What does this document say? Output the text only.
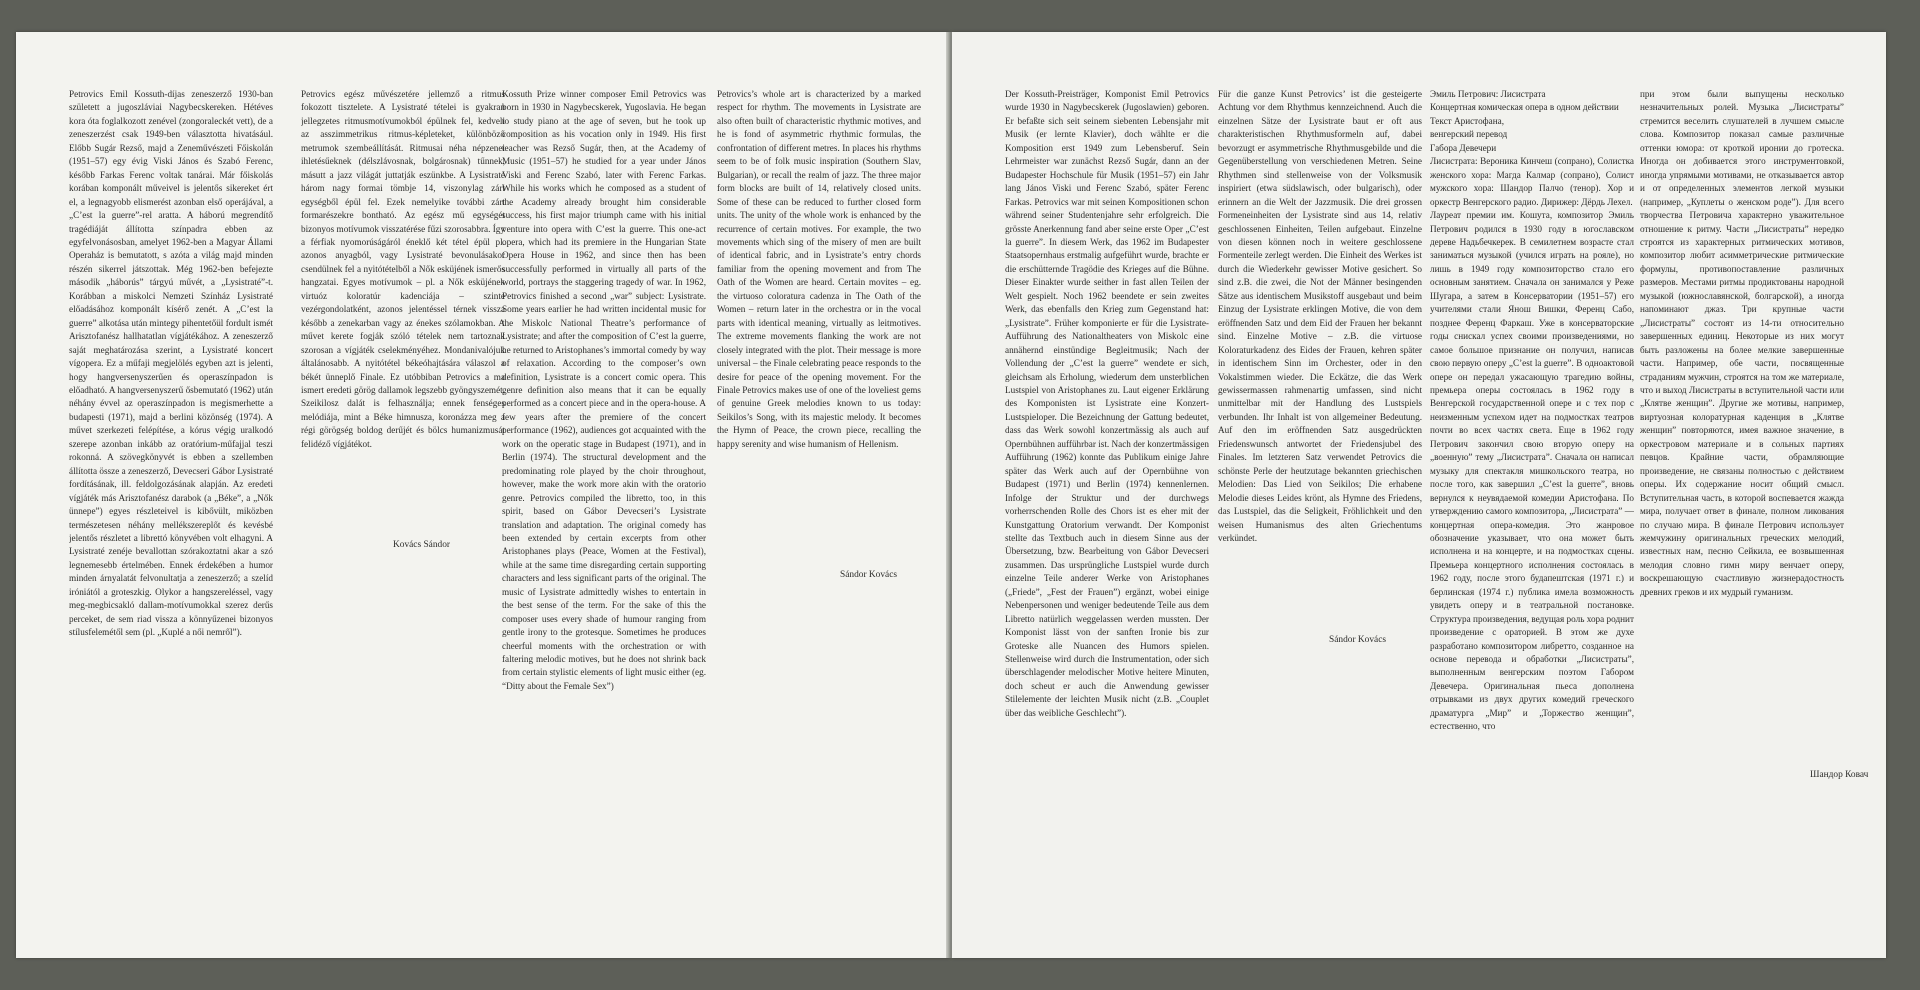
Petrovics Emil Kossuth-díjas zeneszerző 1930-ban született a jugoszláviai Nagybecskereken. Hétéves kora óta foglalkozott zenével (zongoraleckét vett), de a zeneszerzést csak 1949-ben választotta hivatásául. Előbb Sugár Rezső, majd a Zeneművészeti Főiskolán (1951–57) egy évig Viski János és Szabó Ferenc, később Farkas Ferenc voltak tanárai. Már főiskolás korában komponált műveivel is jelentős sikereket ért el, a legnagyobb elismerést azonban első operájával, a „C’est la guerre”-rel aratta. A háború megrendítő tragédiáját állította színpadra ebben az egyfelvonásosban, amelyet 1962-ben a Magyar Állami Operaház is bemutatott, s azóta a világ majd minden részén sikerrel játszottak. Még 1962-ben befejezte második „háborús” tárgyú művét, a „Lysistraté”-t. Korábban a miskolci Nemzeti Színház Lysistraté előadásához komponált kísérő zenét. A „C’est la guerre” alkotása után mintegy pihentetőül fordult ismét Arisztofanész hallhatatlan vígjátékához. A zeneszerző saját meghatározása szerint, a Lysistraté koncert vígopera. Ez a műfaji megjelölés egyben azt is jelenti, hogy hangversenyszerűen és operaszínpadon is előadható. A hangversenyszerű ősbemutató (1962) után néhány évvel az operaszínpadon is megismerhette a budapesti (1971), majd a berlini közönség (1974). A művet szerkezeti felépítése, a kórus végig uralkodó szerepe azonban inkább az oratórium-műfajjal teszi rokonná. A szövegkönyvét is ebben a szellemben állította össze a zeneszerző, Devecseri Gábor Lysistraté fordításának, ill. feldolgozásának alapján. Az eredeti vígjáték más Arisztofanész darabok (a „Béke”, a „Nők ünnepe”) egyes részleteivel is kibővült, miközben természetesen néhány mellékszereplőt és kevésbé jelentős részletet a librettó könyvében volt elhagyni. A Lysistraté zenéje bevallottan szórakoztatni akar a szó legnemesebb értelmében. Ennek érdekében a humor minden árnyalatát felvonultatja a zeneszerző; a szelíd iróniától a groteszkig. Olykor a hangszereléssel, vagy meg-megbicsakló dallam-motívumokkal szerez derűs perceket, de sem riad vissza a könnyűzenei bizonyos stílusfelemétől sem (pl. „Kuplé a női nemről”).

Petrovics egész művészetére jellemző a ritmus fokozott tisztelete. A Lysistraté tételei is gyakran jellegzetes ritmusmotívumokból épülnek fel, kedveli az asszimmetrikus ritmus-képleteket, különböző metrumok szembeállítását. Ritmusai néha népzenei ihletésűeknek (délszlávosnak, bolgárosnak) tűnnek, másutt a jazz világát juttatják eszünkbe. A Lysistraté három nagy formai tömbje 14, viszonylag zárt egységből épül fel. Ezek nemelyike további zárt formarészekre bontható. Az egész mű egységét bizonyos motívumok visszatérése fűzi szorosabbra. Így a férfiak nyomorúságáról éneklő két tétel épül pl. azonos anyagból, vagy Lysistraté bevonulásakor csendülnek fel a nyitótételből a Nők esküjének ismerős hangzatai. Egyes motívumok – pl. a Nők esküjének virtuóz koloratúr kadenciája – szinte vezérgondolatként, azonos jelentéssel térnek vissza később a zenekarban vagy az énekes szólamokban. A művet kerete fogják szóló tételek nem tartoznak szorosan a vígjáték cselekményéhez. Mondanivalójuk általánosabb. A nyitótétel békeóhajtására válaszol a békét ünneplő Finale. Ez utóbbiban Petrovics a ma ismert eredeti görög dallamok legszebb gyöngyszemét, Szeikilosz dalát is felhasználja; ennek fenséges melódiája, mint a Béke himnusza, koronázza meg a régi görögség boldog derűjét és bölcs humanizmusát felidéző vígjátékot.

Kossuth Prize winner composer Emil Petrovics was born in 1930 in Nagybecskerek, Yugoslavia. He began to study piano at the age of seven, but he took up composition as his vocation only in 1949. His first teacher was Rezső Sugár, then, at the Academy of Music (1951–57) he studied for a year under János Viski and Ferenc Szabó, later with Ferenc Farkas. While his works which he composed as a student of the Academy already brought him considerable success, his first major triumph came with his initial venture into opera with C’est la guerre. This one-act opera, which had its premiere in the Hungarian State Opera House in 1962, and since then has been successfully performed in virtually all parts of the world, portrays the staggering tragedy of war. In 1962, Petrovics finished a second „war” subject: Lysistrate. Some years earlier he had written incidental music for the Miskolc National Theatre’s performance of Lysistrate; and after the composition of C’est la guerre, he returned to Aristophanes’s immortal comedy by way of relaxation. According to the composer’s own definition, Lysistrate is a concert comic opera. This genre definition also means that it can be equally performed as a concert piece and in the opera-house. A few years after the premiere of the concert performance (1962), audiences got acquainted with the work on the operatic stage in Budapest (1971), and in Berlin (1974). The structural development and the predominating role played by the choir throughout, however, make the work more akin with the oratorio genre. Petrovics compiled the libretto, too, in this spirit, based on Gábor Devecseri’s Lysistrate translation and adaptation. The original comedy has been extended by certain excerpts from other Aristophanes plays (Peace, Women at the Festival), while at the same time disregarding certain supporting characters and less significant parts of the original. The music of Lysistrate admittedly wishes to entertain in the best sense of the term. For the sake of this the composer uses every shade of humour ranging from gentle irony to the grotesque. Sometimes he produces cheerful moments with the orchestration or with faltering melodic motives, but he does not shrink back from certain stylistic elements of light music either (eg. “Ditty about the Female Sex”)

Petrovics’s whole art is characterized by a marked respect for rhythm. The movements in Lysistrate are also often built of characteristic rhythmic motives, and he is fond of asymmetric rhythmic formulas, the confrontation of different metres. In places his rhythms seem to be of folk music inspiration (Southern Slav, Bulgarian), or recall the realm of jazz. The three major form blocks are built of 14, relatively closed units. Some of these can be reduced to further closed form units. The unity of the whole work is enhanced by the recurrence of certain motives. For example, the two movements which sing of the misery of men are built of identical fabric, and in Lysistrate’s entry chords familiar from the opening movement and from The Oath of the Women are heard. Certain movites – eg. the virtuoso coloratura cadenza in The Oath of the Women – return later in the orchestra or in the vocal parts with identical meaning, virtually as leitmotives. The extreme movements flanking the work are not closely integrated with the plot. Their message is more universal – the Finale celebrating peace responds to the desire for peace of the opening movement. For the Finale Petrovics makes use of one of the loveliest gems of genuine Greek melodies known to us today: Seikilos’s Song, with its majestic melody. It becomes the Hymn of Peace, the crown piece, recalling the happy serenity and wise humanism of Hellenism.

Kovács Sándor
Sándor Kovács

Der Kossuth-Preisträger, Komponist Emil Petrovics wurde 1930 in Nagybecskerek (Jugoslawien) geboren. Er befaßte sich seit seinem siebenten Lebensjahr mit Musik (er lernte Klavier), doch wählte er die Komposition erst 1949 zum Lebensberuf. Sein Lehrmeister war zunächst Rezső Sugár, dann an der Budapester Hochschule für Musik (1951–57) ein Jahr lang János Viski und Ferenc Szabó, später Ferenc Farkas. Petrovics war mit seinen Kompositionen schon während seiner Studentenjahre sehr erfolgreich. Die grösste Anerkennung fand aber seine erste Oper „C’est la guerre”. In diesem Werk, das 1962 im Budapester Staatsopernhaus erstmalig aufgeführt wurde, brachte er die erschütternde Tragödie des Krieges auf die Bühne. Dieser Einakter wurde seither in fast allen Teilen der Welt gespielt. Noch 1962 beendete er sein zweites Werk, das ebenfalls den Krieg zum Gegenstand hat: „Lysistrate”. Früher komponierte er für die Lysistrate-Aufführung des Nationaltheaters von Miskolc eine annähernd einstündige Begleitmusik; Nach der Vollendung der „C’est la guerre” wendete er sich, gleichsam als Erholung, wiederum dem unsterblichen Lustspiel von Aristophanes zu. Laut eigener Erklärung des Komponisten ist Lysistrate eine Konzert-Lustspieloper. Die Bezeichnung der Gattung bedeutet, dass das Werk sowohl konzertmässig als auch auf Opernbühnen aufführbar ist. Nach der konzertmässigen Aufführung (1962) konnte das Publikum einige Jahre später das Werk auch auf der Opernbühne von Budapest (1971) und Berlin (1974) kennenlernen. Infolge der Struktur und der durchwegs vorherrschenden Rolle des Chors ist es eher mit der Kunstgattung Oratorium verwandt. Der Komponist stellte das Textbuch auch in diesem Sinne aus der Übersetzung, bzw. Bearbeitung von Gábor Devecseri zusammen. Das ursprüngliche Lustspiel wurde durch einzelne Teile anderer Werke von Aristophanes („Friede”, „Fest der Frauen”) ergänzt, wobei einige Nebenpersonen und weniger bedeutende Teile aus dem Libretto natürlich weggelassen werden mussten. Der Komponist lässt von der sanften Ironie bis zur Groteske alle Nuancen des Humors spielen. Stellenweise wird durch die Instrumentation, oder sich überschlagender melodischer Motive heitere Minuten, doch scheut er auch die Anwendung gewisser Stilelemente der leichten Musik nicht (z.B. „Couplet über das weibliche Geschlecht”).

Für die ganze Kunst Petrovics’ ist die gesteigerte Achtung vor dem Rhythmus kennzeichnend. Auch die einzelnen Sätze der Lysistrate baut er oft aus charakteristischen Rhythmusformeln auf, dabei bevorzugt er asymmetrische Rhythmusgebilde und die Gegenüberstellung von verschiedenen Metren. Seine Rhythmen sind stellenweise von der Volksmusik inspiriert (etwa südslawisch, oder bulgarisch), oder erinnern an die Welt der Jazzmusik. Die drei grossen Formeneinheiten der Lysistrate sind aus 14, relativ geschlossenen Einheiten, Teilen aufgebaut. Einzelne von diesen können noch in weitere geschlossene Formenteile zerlegt werden. Die Einheit des Werkes ist durch die Wiederkehr gewisser Motive gesichert. So sind z.B. die zwei, die Not der Männer besingenden Sätze aus identischem Musikstoff ausgebaut und beim Einzug der Lysistrate erklingen Motive, die von dem eröffnenden Satz und dem Eid der Frauen her bekannt sind. Einzelne Motive – z.B. die virtuose Koloraturkadenz des Eides der Frauen, kehren später in identischem Sinn im Orchester, oder in den Vokalstimmen wieder. Die Eckätze, die das Werk gewissermassen rahmenartig umfassen, sind nicht unmittelbar mit der Handlung des Lustspiels verbunden. Ihr Inhalt ist von allgemeiner Bedeutung. Auf den im eröffnenden Satz ausgedrückten Friedenswunsch antwortet der Friedensjubel des Finales. Im letzteren Satz verwendet Petrovics die schönste Perle der heutzutage bekannten griechischen Melodien: Das Lied von Seikilos; Die erhabene Melodie dieses Leides krönt, als Hymne des Friedens, das Lustspiel, das die Seligkeit, Fröhlichkeit und den weisen Humanismus des alten Griechentums verkündet.

Эмиль Петрович: Лисистрата
Концертная комическая опера в одном действии
Текст Аристофана,
венгерский перевод
Габора Девечери
Лисистрата: Вероника Кинчеш (сопрано), Солистка женского хора: Магда Калмар (сопрано), Солист мужского хора: Шандор Палчо (тенор). Хор и оркестр Венгерского радио. Дирижер: Дёрдь Лехел.
Лауреат премии им. Кошута, композитор Эмиль Петрович родился в 1930 году в югославском дереве Надьбечкерек. В семилетнем возрасте стал заниматься музыкой (учился играть на рояле), но лишь в 1949 году композиторство стало его основным занятием. Сначала он занимался у Реже Шугара, а затем в Консерватории (1951–57) его учителями стали Янош Вишки, Ференц Сабо, позднее Ференц Фаркаш. Уже в консерваторские годы снискал успех своими произведениями, но самое большое признание он получил, написав свою первую оперу „C’est la guerre”. В одноактовой опере он передал ужасающую трагедию войны, премьера оперы состоялась в 1962 году в Венгерской государственной опере и с тех пор с неизменным успехом идет на подмостках театров почти во всех частях света. Еще в 1962 году Петрович закончил свою вторую оперу на „военную” тему „Лисистрата”. Сначала он написал музыку для спектакля мишкольского театра, но после того, как завершил „C’est la guerre”, вновь вернулся к неувядаемой комедии Аристофана. По утверждению самого композитора, „Лисистрата” — концертная опера-комедия. Это жанровое обозначение указывает, что она может быть исполнена и на концерте, и на подмостках сцены. Премьера концертного исполнения состоялась в 1962 году, после этого будапештская (1971 г.) и берлинская (1974 г.) публика имела возможность увидеть оперу и в театральной постановке. Структура произведения, ведущая роль хора роднит произведение с ораторией. В этом же духе разработано композитором либретто, созданное на основе перевода и обработки „Лисистраты”, выполненным венгерским поэтом Габором Девечера. Оригинальная пьеса дополнена отрывками из двух других комедий греческого драматурга „Мир” и „Торжество женщин”, естественно, что

при этом были выпущены несколько незначительных ролей. Музыка „Лисистраты” стремится веселить слушателей в лучшем смысле слова. Композитор показал самые различные оттенки юмора: от кроткой иронии до гротеска. Иногда он добивается этого инструментовкой, иногда упрямыми мотивами, не отказывается автор и от определенных элементов легкой музыки (например, „Куплеты о женском роде”). Для всего творчества Петровича характерно уважительное отношение к ритму. Части „Лисистраты” нередко строятся из характерных ритмических мотивов, композитор любит асимметрические ритмические формулы, противопоставление различных размеров. Местами ритмы продиктованы народной музыкой (южнославянской, болгарской), а иногда напоминают джаз. Три крупные части „Лисистраты” состоят из 14-ти относительно завершенных единиц. Некоторые из них могут быть разложены на более мелкие завершенные части. Например, обе части, посвященные страданиям мужчин, строятся на том же материале, что и выход Лисистраты в вступительной части или „Клятве женщин”. Другие же мотивы, например, виртуозная колоратурная каденция в „Клятве женщин” повторяются, имея важное значение, в оркестровом материале и в сольных партиях певцов. Крайние части, обрамляющие произведение, не связаны полностью с действием оперы. Их содержание носит общий смысл. Вступительная часть, в которой воспевается жажда мира, получает ответ в финале, полном ликования по случаю мира. В финале Петрович использует жемчужину оригинальных греческих мелодий, известных нам, песню Сейкила, ее возвышенная мелодия словно гимн миру венчает оперу, воскрешающую счастливую жизнерадостность древних греков и их мудрый гуманизм.

Sándor Kovács
Шандор Ковач
